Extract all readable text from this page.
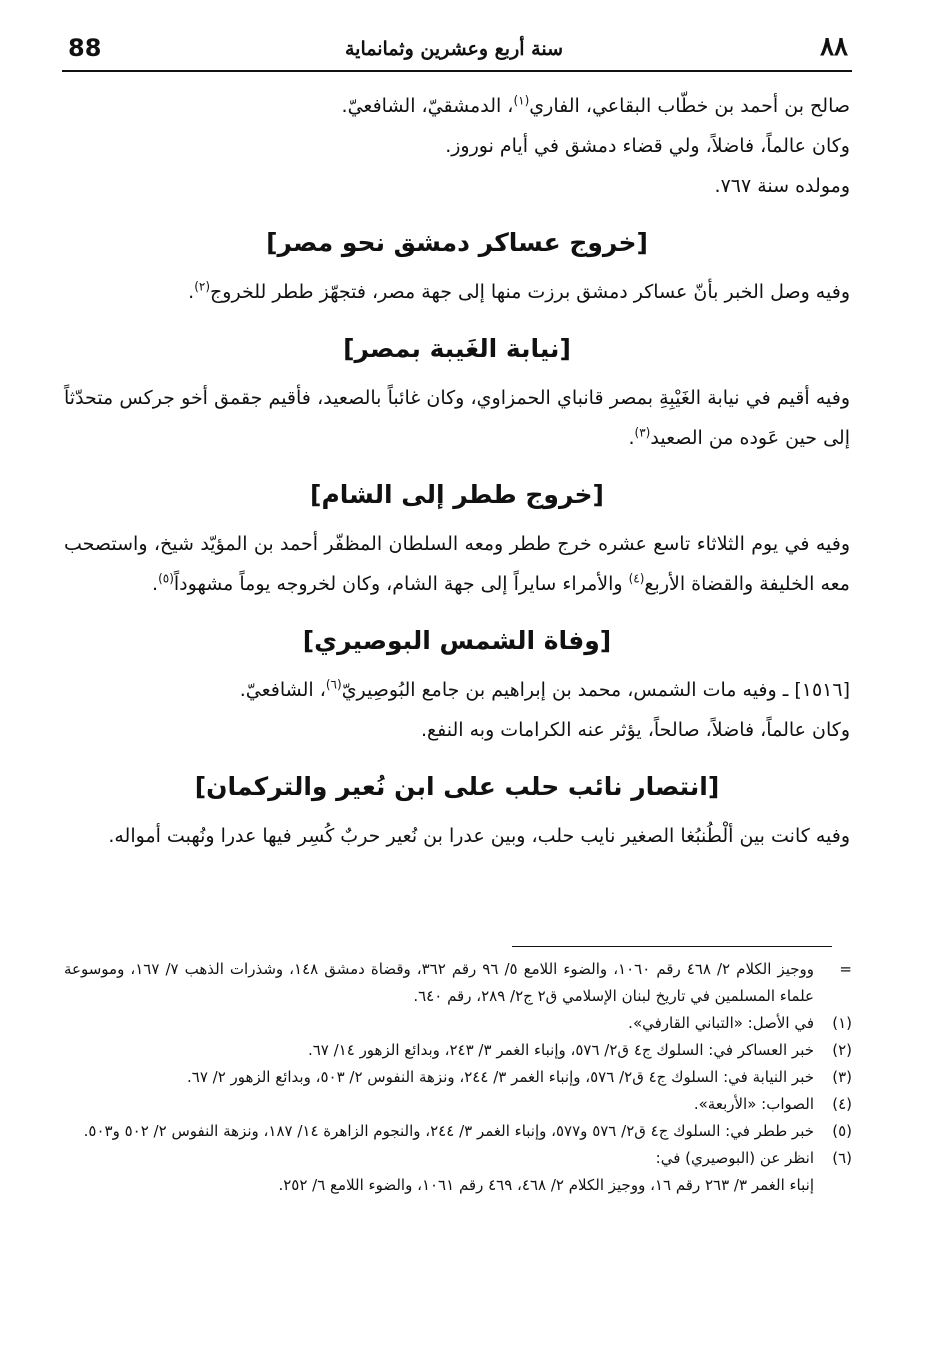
88	سنة أربع وعشرين وثمانماية	٨٨

صالح بن أحمد بن خطّاب البقاعي، الفاري$^{(١)}$، الدمشقيّ، الشافعيّ.

وكان عالماً، فاضلاً، ولي قضاء دمشق في أيام نوروز.

ومولده سنة ٧٦٧.

[خروج عساكر دمشق نحو مصر]

وفيه وصل الخبر بأنّ عساكر دمشق برزت منها إلى جهة مصر، فتجهّز ططر للخروج$^{(٢)}$.

[نيابة الغَيبة بمصر]

وفيه أقيم في نيابة الغَيْبِةِ بمصر قانباي الحمزاوي، وكان غائباً بالصعيد، فأقيم جقمق أخو جركس متحدّثاً إلى حين عَوده من الصعيد$^{(٣)}$.

[خروج ططر إلى الشام]

وفيه في يوم الثلاثاء تاسع عشره خرج ططر ومعه السلطان المظفّر أحمد بن المؤيّد شيخ، واستصحب معه الخليفة والقضاة الأربع$^{(٤)}$ والأمراء سايراً إلى جهة الشام، وكان لخروجه يوماً مشهوداً$^{(٥)}$.

[وفاة الشمس البوصيري]

[١٥١٦] ـ وفيه مات الشمس، محمد بن إبراهيم بن جامع البُوصِيريّ$^{(٦)}$، الشافعيّ.

وكان عالماً، فاضلاً، صالحاً، يؤثر عنه الكرامات وبه النفع.

[انتصار نائب حلب على ابن نُعير والتركمان]

وفيه كانت بين ألْطُنبُغا الصغير نايب حلب، وبين عدرا بن نُعير حربٌ كُسِر فيها عدرا ونُهبت أمواله.

=
ووجيز الكلام ٢/ ٤٦٨ رقم ١٠٦٠، والضوء اللامع ٥/ ٩٦ رقم ٣٦٢، وقضاة دمشق ١٤٨، وشذرات الذهب ٧/ ١٦٧، وموسوعة علماء المسلمين في تاريخ لبنان الإسلامي ق٢ ج٢/ ٢٨٩، رقم ٦٤٠.
(١)
في الأصل: «التباني القارفي».
(٢)
خبر العساكر في: السلوك ج٤ ق٢/ ٥٧٦، وإنباء الغمر ٣/ ٢٤٣، وبدائع الزهور ١٤/ ٦٧.
(٣)
خبر النيابة في: السلوك ج٤ ق٢/ ٥٧٦، وإنباء الغمر ٣/ ٢٤٤، ونزهة النفوس ٢/ ٥٠٣، وبدائع الزهور ٢/ ٦٧.
(٤)
الصواب: «الأربعة».
(٥)
خبر ططر في: السلوك ج٤ ق٢/ ٥٧٦ و٥٧٧، وإنباء الغمر ٣/ ٢٤٤، والنجوم الزاهرة ١٤/ ١٨٧، ونزهة النفوس ٢/ ٥٠٢ و٥٠٣.
(٦)
انظر عن (البوصيري) في:
إنباء الغمر ٣/ ٢٦٣ رقم ١٦، ووجيز الكلام ٢/ ٤٦٨، ٤٦٩ رقم ١٠٦١، والضوء اللامع ٦/ ٢٥٢.
